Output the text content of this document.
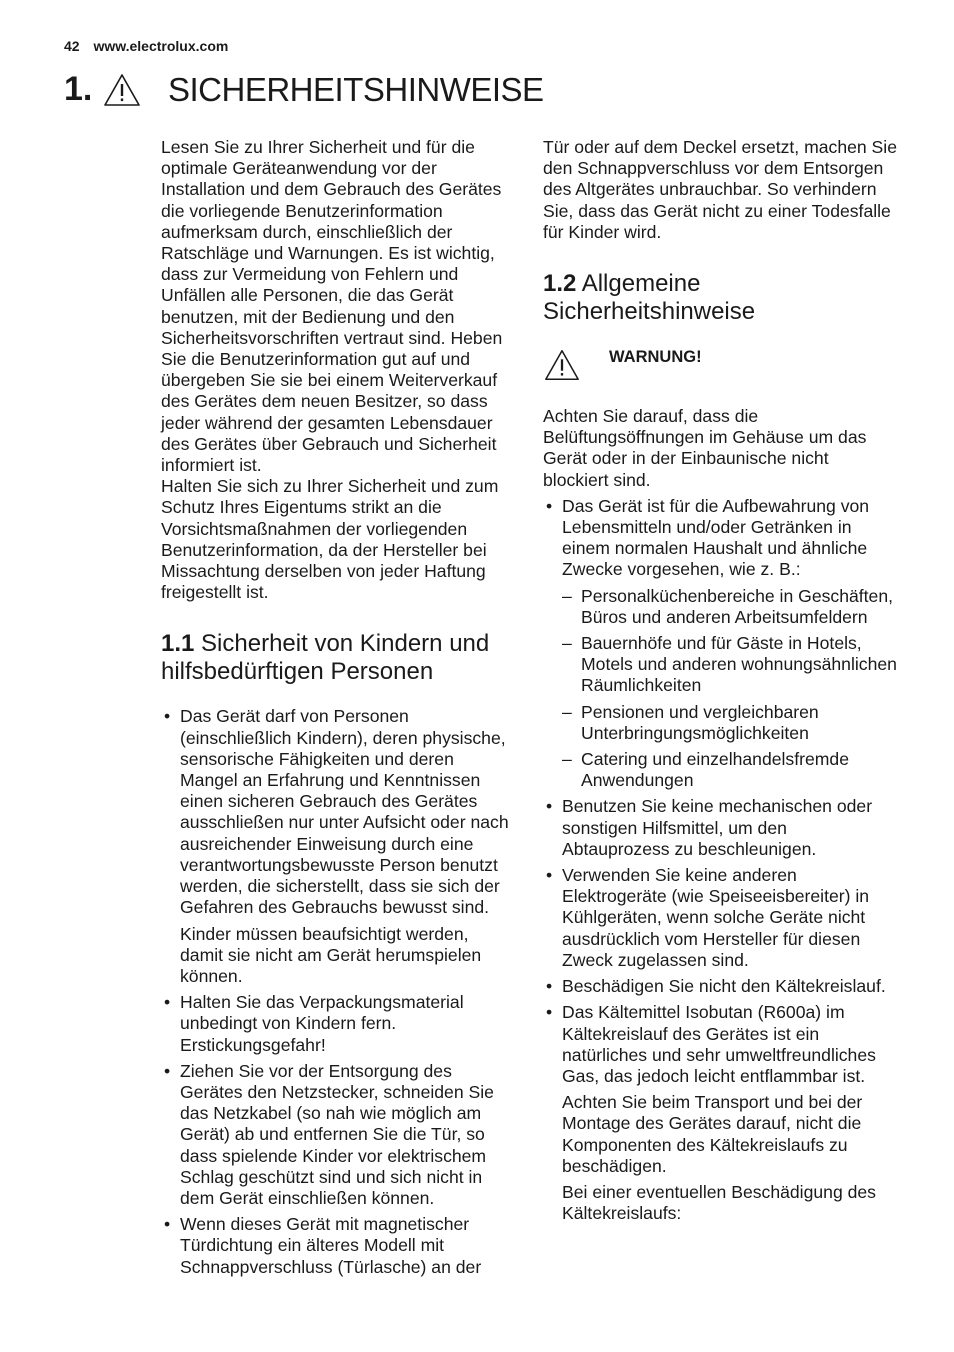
42 www.electrolux.com
1. SICHERHEITSHINWEISE

Lesen Sie zu Ihrer Sicherheit und für die optimale Geräteanwendung vor der Installation und dem Gebrauch des Gerätes die vorliegende Benutzerinformation aufmerksam durch, einschließlich der Ratschläge und Warnungen. Es ist wichtig, dass zur Vermeidung von Fehlern und Unfällen alle Personen, die das Gerät benutzen, mit der Bedienung und den Sicherheitsvorschriften vertraut sind. Heben Sie die Benutzerinformation gut auf und übergeben Sie sie bei einem Weiterverkauf des Gerätes dem neuen Besitzer, so dass jeder während der gesamten Lebensdauer des Gerätes über Gebrauch und Sicherheit informiert ist.

Halten Sie sich zu Ihrer Sicherheit und zum Schutz Ihres Eigentums strikt an die Vorsichtsmaßnahmen der vorliegenden Benutzerinformation, da der Hersteller bei Missachtung derselben von jeder Haftung freigestellt ist.

1.1 Sicherheit von Kindern und hilfsbedürftigen Personen

• Das Gerät darf von Personen (einschließlich Kindern), deren physische, sensorische Fähigkeiten und deren Mangel an Erfahrung und Kenntnissen einen sicheren Gebrauch des Gerätes ausschließen nur unter Aufsicht oder nach ausreichender Einweisung durch eine verantwortungsbewusste Person benutzt werden, die sicherstellt, dass sie sich der Gefahren des Gebrauchs bewusst sind.

Kinder müssen beaufsichtigt werden, damit sie nicht am Gerät herumspielen können.

• Halten Sie das Verpackungsmaterial unbedingt von Kindern fern. Erstickungsgefahr!

• Ziehen Sie vor der Entsorgung des Gerätes den Netzstecker, schneiden Sie das Netzkabel (so nah wie möglich am Gerät) ab und entfernen Sie die Tür, so dass spielende Kinder vor elektrischem Schlag geschützt sind und sich nicht in dem Gerät einschließen können.

• Wenn dieses Gerät mit magnetischer Türdichtung ein älteres Modell mit Schnappverschluss (Türlasche) an der

Tür oder auf dem Deckel ersetzt, machen Sie den Schnappverschluss vor dem Entsorgen des Altgerätes unbrauchbar. So verhindern Sie, dass das Gerät nicht zu einer Todesfalle für Kinder wird.

1.2 Allgemeine Sicherheitshinweise
WARNUNG!

Achten Sie darauf, dass die Belüftungsöffnungen im Gehäuse um das Gerät oder in der Einbaunische nicht blockiert sind.

• Das Gerät ist für die Aufbewahrung von Lebensmitteln und/oder Getränken in einem normalen Haushalt und ähnliche Zwecke vorgesehen, wie z. B.:

– Personalküchenbereiche in Geschäften, Büros und anderen Arbeitsumfeldern
– Bauernhöfe und für Gäste in Hotels, Motels und anderen wohnungsähnlichen Räumlichkeiten
– Pensionen und vergleichbaren Unterbringungsmöglichkeiten
– Catering und einzelhandelsfremde Anwendungen

• Benutzen Sie keine mechanischen oder sonstigen Hilfsmittel, um den Abtauprozess zu beschleunigen.

• Verwenden Sie keine anderen Elektrogeräte (wie Speiseeisbereiter) in Kühlgeräten, wenn solche Geräte nicht ausdrücklich vom Hersteller für diesen Zweck zugelassen sind.

• Beschädigen Sie nicht den Kältekreislauf.

• Das Kältemittel Isobutan (R600a) im Kältekreislauf des Gerätes ist ein natürliches und sehr umweltfreundliches Gas, das jedoch leicht entflammbar ist.

Achten Sie beim Transport und bei der Montage des Gerätes darauf, nicht die Komponenten des Kältekreislaufs zu beschädigen.

Bei einer eventuellen Beschädigung des Kältekreislaufs:
